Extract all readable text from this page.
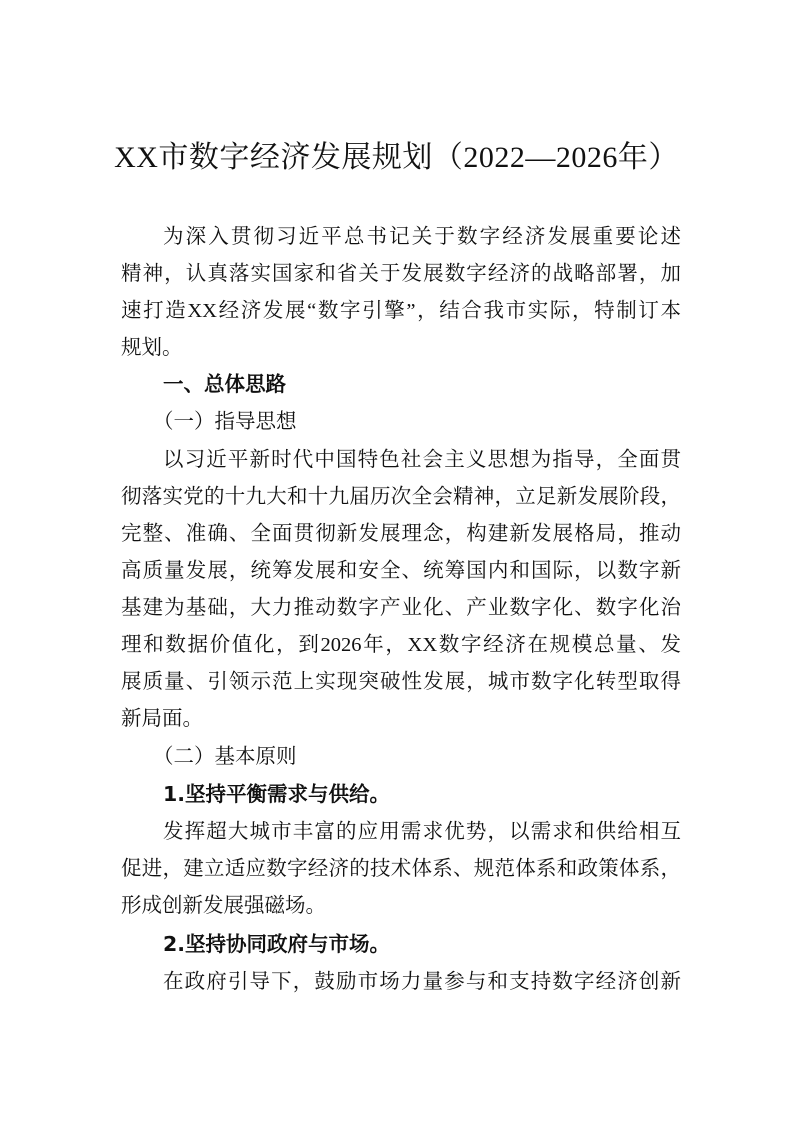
XX市数字经济发展规划（2022—2026年）
为深入贯彻习近平总书记关于数字经济发展重要论述
精神，认真落实国家和省关于发展数字经济的战略部署，加
速打造XX经济发展“数字引擎”，结合我市实际，特制订本
规划。
一、总体思路
（一）指导思想
以习近平新时代中国特色社会主义思想为指导，全面贯
彻落实党的十九大和十九届历次全会精神，立足新发展阶段，
完整、准确、全面贯彻新发展理念，构建新发展格局，推动
高质量发展，统筹发展和安全、统筹国内和国际，以数字新
基建为基础，大力推动数字产业化、产业数字化、数字化治
理和数据价值化，到2026年，XX数字经济在规模总量、发
展质量、引领示范上实现突破性发展，城市数字化转型取得
新局面。
（二）基本原则
1.坚持平衡需求与供给。
发挥超大城市丰富的应用需求优势，以需求和供给相互
促进，建立适应数字经济的技术体系、规范体系和政策体系，
形成创新发展强磁场。
2.坚持协同政府与市场。
在政府引导下，鼓励市场力量参与和支持数字经济创新
